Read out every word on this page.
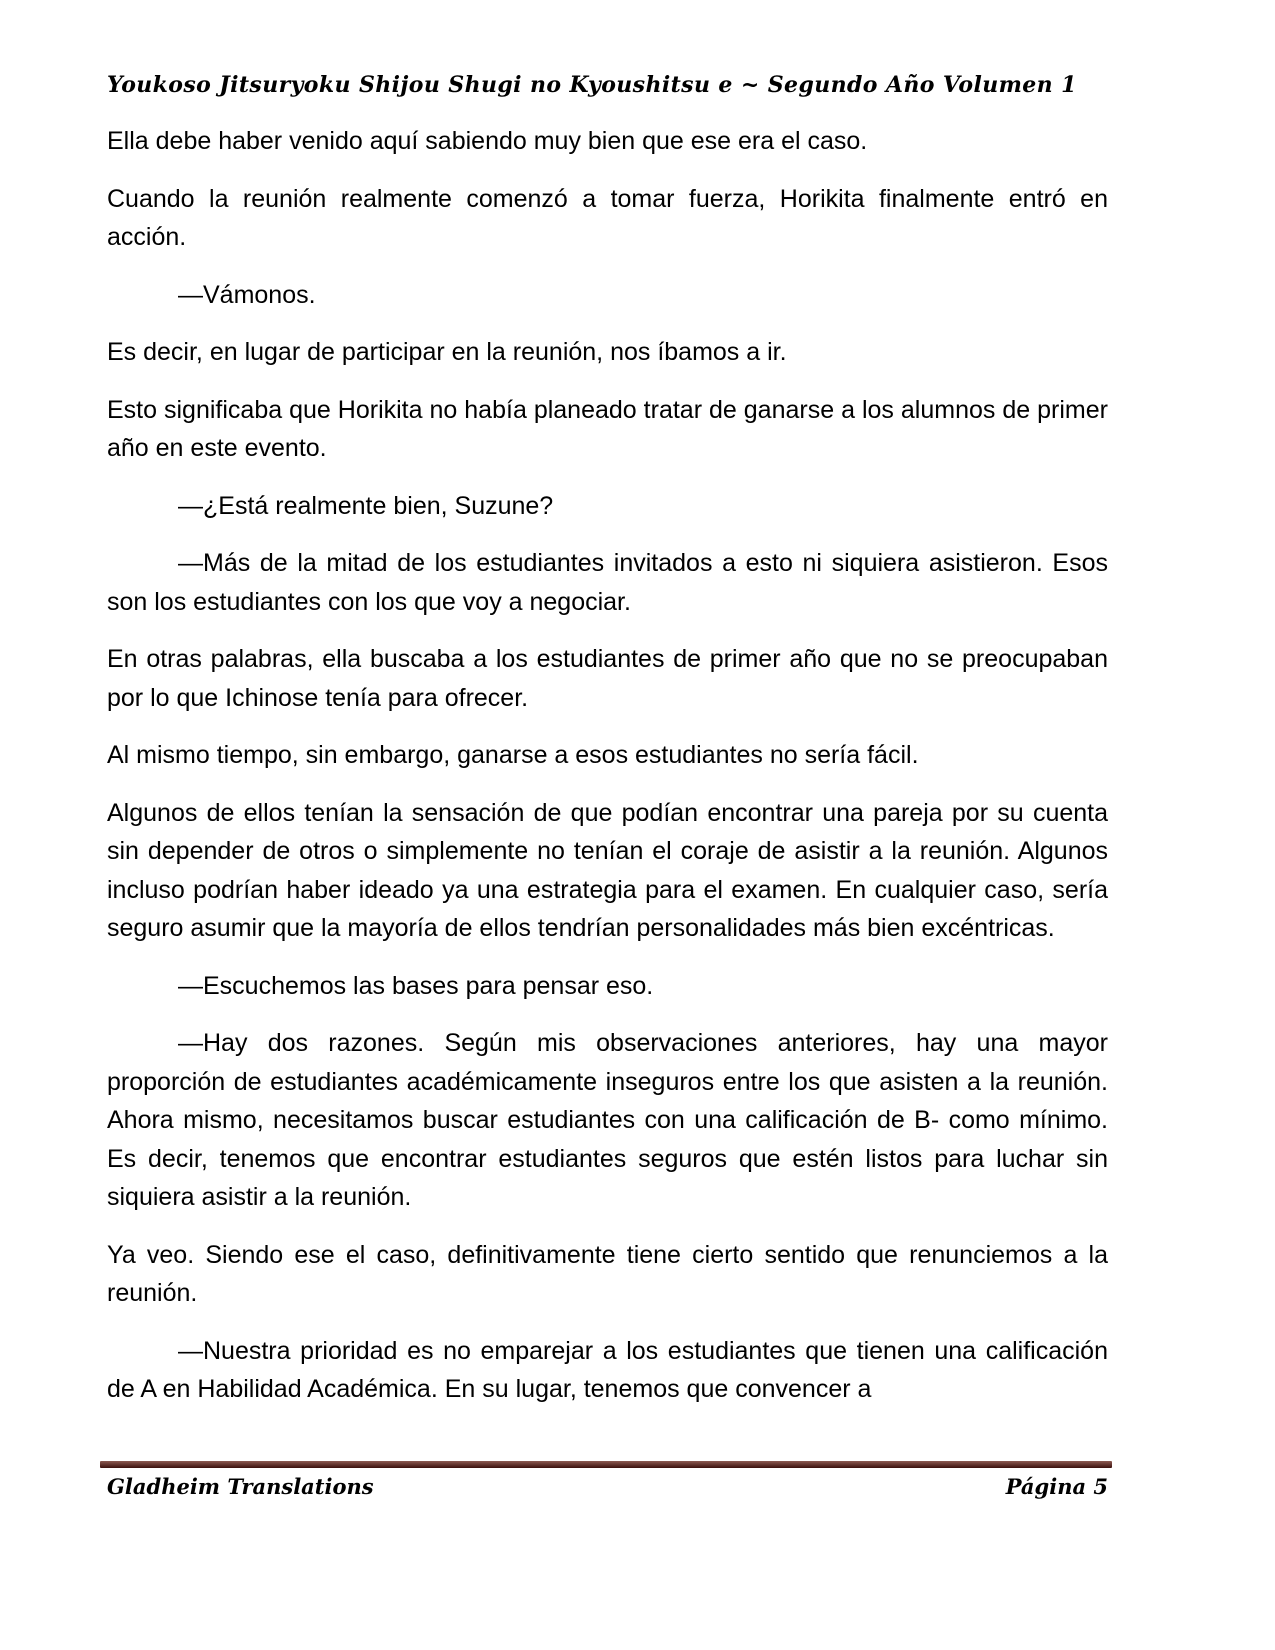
Youkoso Jitsuryoku Shijou Shugi no Kyoushitsu e ~ Segundo Año Volumen 1

Ella debe haber venido aquí sabiendo muy bien que ese era el caso.

Cuando la reunión realmente comenzó a tomar fuerza, Horikita finalmente entró en acción.

—Vámonos.

Es decir, en lugar de participar en la reunión, nos íbamos a ir.

Esto significaba que Horikita no había planeado tratar de ganarse a los alumnos de primer año en este evento.

—¿Está realmente bien, Suzune?

—Más de la mitad de los estudiantes invitados a esto ni siquiera asistieron. Esos son los estudiantes con los que voy a negociar.

En otras palabras, ella buscaba a los estudiantes de primer año que no se preocupaban por lo que Ichinose tenía para ofrecer.

Al mismo tiempo, sin embargo, ganarse a esos estudiantes no sería fácil.

Algunos de ellos tenían la sensación de que podían encontrar una pareja por su cuenta sin depender de otros o simplemente no tenían el coraje de asistir a la reunión. Algunos incluso podrían haber ideado ya una estrategia para el examen. En cualquier caso, sería seguro asumir que la mayoría de ellos tendrían personalidades más bien excéntricas.

—Escuchemos las bases para pensar eso.

—Hay dos razones. Según mis observaciones anteriores, hay una mayor proporción de estudiantes académicamente inseguros entre los que asisten a la reunión. Ahora mismo, necesitamos buscar estudiantes con una calificación de B- como mínimo. Es decir, tenemos que encontrar estudiantes seguros que estén listos para luchar sin siquiera asistir a la reunión.

Ya veo. Siendo ese el caso, definitivamente tiene cierto sentido que renunciemos a la reunión.

—Nuestra prioridad es no emparejar a los estudiantes que tienen una calificación de A en Habilidad Académica. En su lugar, tenemos que convencer a

Gladheim Translations	Página 5
